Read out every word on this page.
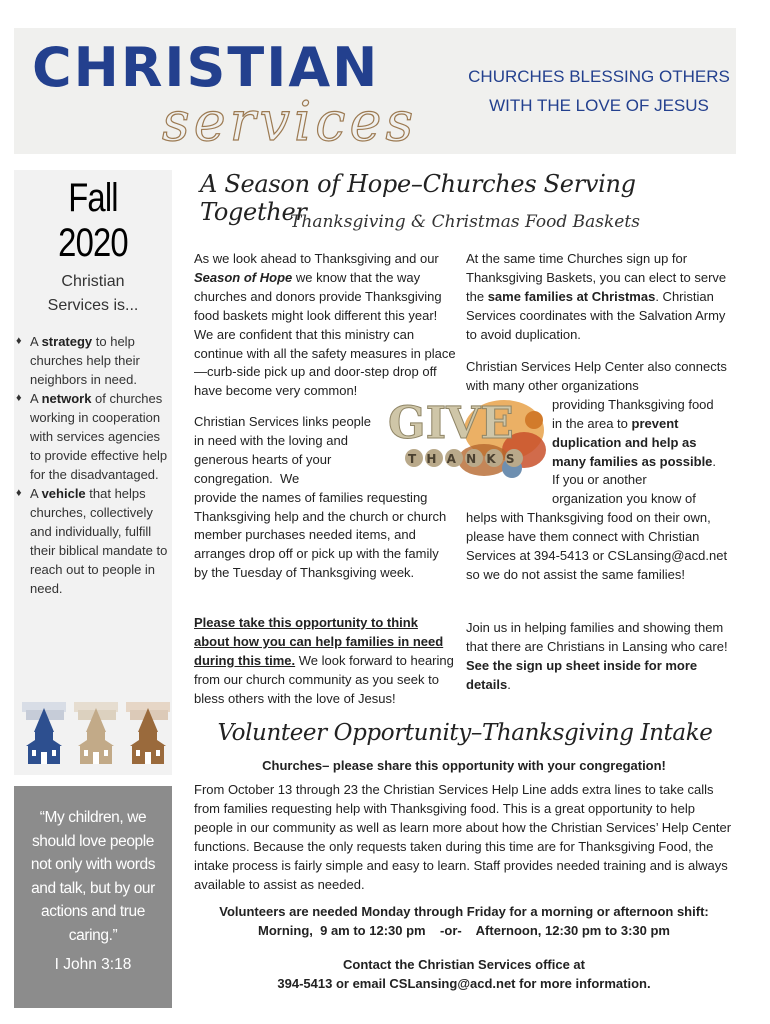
CHRISTIAN
services
CHURCHES BLESSING OTHERS
WITH THE LOVE OF JESUS
Fall 2020
Christian
Services is...
♦ A strategy to help churches help their neighbors in need.
♦ A network of churches working in cooperation with services agencies to provide effective help for the disadvantaged.
♦ A vehicle that helps churches, collectively and individually, fulfill their biblical mandate to reach out to people in need.
“My children, we should love people not only with words and talk, but by our actions and true caring.”
I John 3:18
A Season of Hope–Churches Serving Together
Thanksgiving & Christmas Food Baskets
As we look ahead to Thanksgiving and our Season of Hope we know that the way churches and donors provide Thanksgiving food baskets might look different this year! We are confident that this ministry can continue with all the safety measures in place—curb-side pick up and door-step drop off have become very common!
Christian Services links people in need with the loving and generous hearts of your congregation.  We
provide the names of families requesting Thanksgiving help and the church or church member purchases needed items, and arranges drop off or pick up with the family by the Tuesday of Thanksgiving week.
Please take this opportunity to think about how you can help families in need during this time. We look forward to hearing from our church community as you seek to bless others with the love of Jesus!
At the same time Churches sign up for Thanksgiving Baskets, you can elect to serve the same families at Christmas. Christian Services coordinates with the Salvation Army to avoid duplication.
Christian Services Help Center also connects with many other organizations
providing Thanksgiving food
in the area to prevent
duplication and help as
many families as possible.
If you or another
organization you know of
helps with Thanksgiving food on their own, please have them connect with Christian Services at 394-5413 or CSLansing@acd.net so we do not assist the same families!
Join us in helping families and showing them that there are Christians in Lansing who care! See the sign up sheet inside for more details.
GIVE
THANKS
Volunteer Opportunity–Thanksgiving Intake
Churches– please share this opportunity with your congregation!
From October 13 through 23 the Christian Services Help Line adds extra lines to take calls from families requesting help with Thanksgiving food. This is a great opportunity to help people in our community as well as learn more about how the Christian Services’ Help Center functions. Because the only requests taken during this time are for Thanksgiving Food, the intake process is fairly simple and easy to learn. Staff provides needed training and is always available to assist as needed.
Volunteers are needed Monday through Friday for a morning or afternoon shift:
Morning,  9 am to 12:30 pm    -or-    Afternoon, 12:30 pm to 3:30 pm
Contact the Christian Services office at
394-5413 or email CSLansing@acd.net for more information.
